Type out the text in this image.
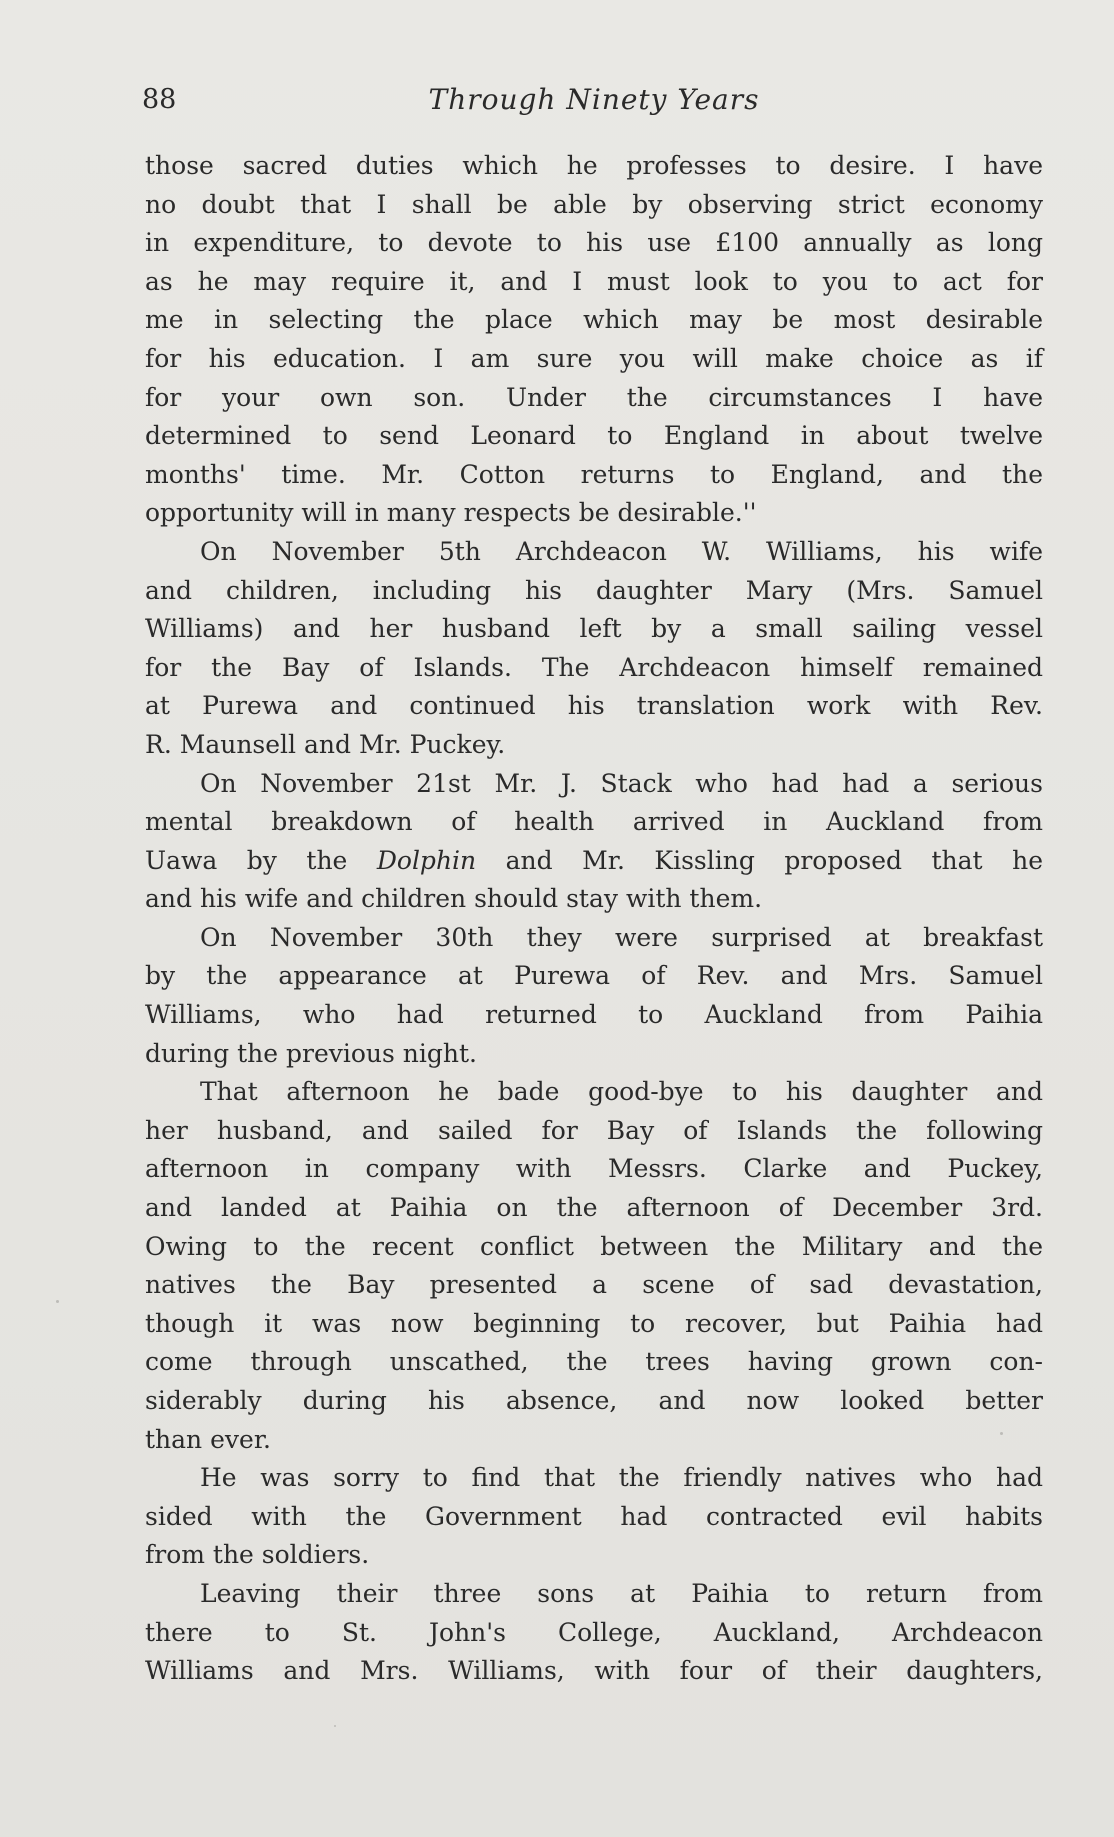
88	Through Ninety Years

those sacred duties which he professes to desire. I have
no doubt that I shall be able by observing strict economy
in expenditure, to devote to his use £100 annually as long
as he may require it, and I must look to you to act for
me in selecting the place which may be most desirable
for his education. I am sure you will make choice as if
for your own son. Under the circumstances I have
determined to send Leonard to England in about twelve
months' time. Mr. Cotton returns to England, and the
opportunity will in many respects be desirable.''

On November 5th Archdeacon W. Williams, his wife
and children, including his daughter Mary (Mrs. Samuel
Williams) and her husband left by a small sailing vessel
for the Bay of Islands. The Archdeacon himself remained
at Purewa and continued his translation work with Rev.
R. Maunsell and Mr. Puckey.

On November 21st Mr. J. Stack who had had a serious
mental breakdown of health arrived in Auckland from
Uawa by the Dolphin and Mr. Kissling proposed that he
and his wife and children should stay with them.

On November 30th they were surprised at breakfast
by the appearance at Purewa of Rev. and Mrs. Samuel
Williams, who had returned to Auckland from Paihia
during the previous night.

That afternoon he bade good-bye to his daughter and
her husband, and sailed for Bay of Islands the following
afternoon in company with Messrs. Clarke and Puckey,
and landed at Paihia on the afternoon of December 3rd.
Owing to the recent conflict between the Military and the
natives the Bay presented a scene of sad devastation,
though it was now beginning to recover, but Paihia had
come through unscathed, the trees having grown con-
siderably during his absence, and now looked better
than ever.

He was sorry to find that the friendly natives who had
sided with the Government had contracted evil habits
from the soldiers.

Leaving their three sons at Paihia to return from
there to St. John's College, Auckland, Archdeacon
Williams and Mrs. Williams, with four of their daughters,
